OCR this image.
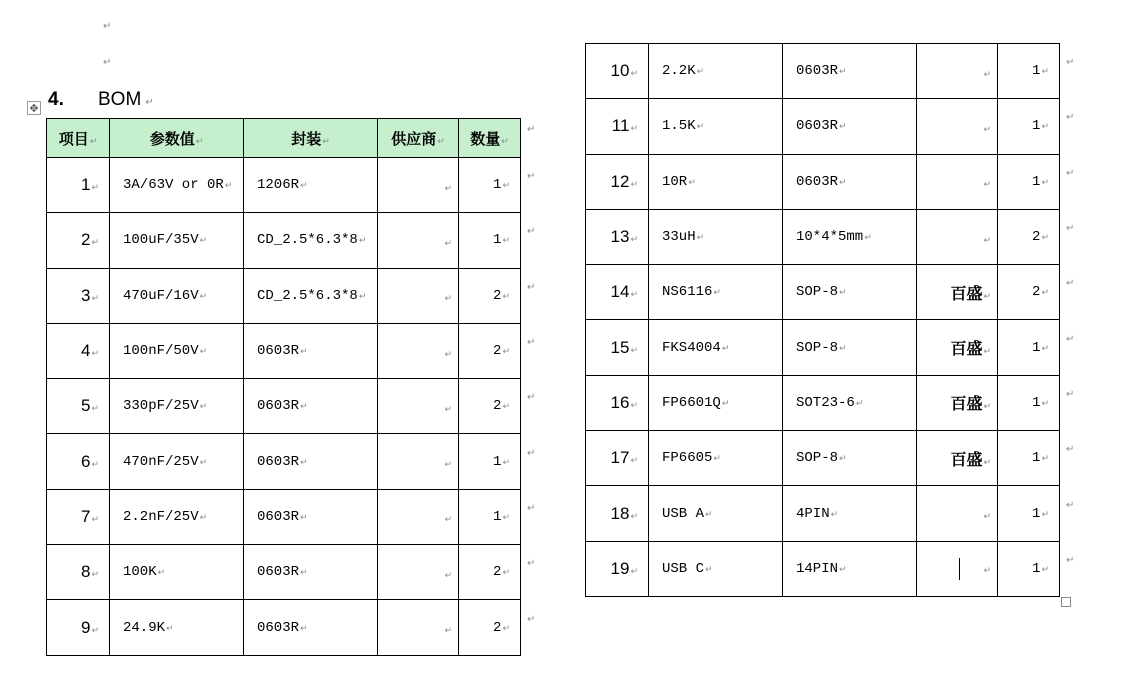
↵
↵
✥ 4. BOM ↵
项目↵	参数值↵	封装↵	供应商↵	数量↵
1↵	3A/63V or 0R↵	1206R↵	↵	1↵
2↵	100uF/35V↵	CD_2.5*6.3*8↵	↵	1↵
3↵	470uF/16V↵	CD_2.5*6.3*8↵	↵	2↵
4↵	100nF/50V↵	0603R↵	↵	2↵
5↵	330pF/25V↵	0603R↵	↵	2↵
6↵	470nF/25V↵	0603R↵	↵	1↵
7↵	2.2nF/25V↵	0603R↵	↵	1↵
8↵	100K↵	0603R↵	↵	2↵
9↵	24.9K↵	0603R↵	↵	2↵
10↵	2.2K↵	0603R↵	↵	1↵
11↵	1.5K↵	0603R↵	↵	1↵
12↵	10R↵	0603R↵	↵	1↵
13↵	33uH↵	10*4*5mm↵	↵	2↵
14↵	NS6116↵	SOP-8↵	百盛↵	2↵
15↵	FKS4004↵	SOP-8↵	百盛↵	1↵
16↵	FP6601Q↵	SOT23-6↵	百盛↵	1↵
17↵	FP6605↵	SOP-8↵	百盛↵	1↵
18↵	USB A↵	4PIN↵	↵	1↵
19↵	USB C↵	14PIN↵	↵	1↵
↵
↵
↵
↵
↵
↵
↵
↵
↵
↵
↵
↵
↵
↵
↵
↵
↵
↵
↵
↵
